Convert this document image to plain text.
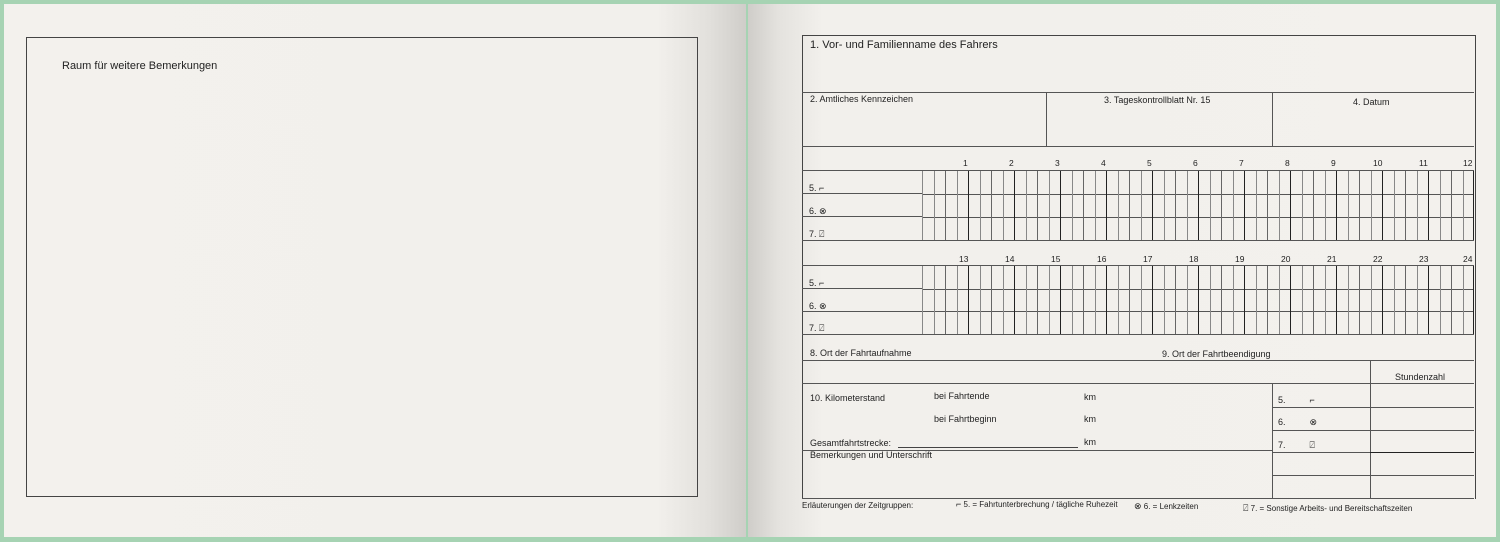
Raum für weitere Bemerkungen
1. Vor- und Familienname des Fahrers
2. Amtliches Kennzeichen	3. Tageskontrollblatt Nr. 15	4. Datum
1	2	3	4	5	6	7	8	9	10	11	12
5. ⌐
6. ⊗
7. ⍁
13	14	15	16	17	18	19	20	21	22	23	24
5. ⌐
6. ⊗
7. ⍁
8. Ort der Fahrtaufnahme	9. Ort der Fahrtbeendigung
Stundenzahl
10. Kilometerstand	bei Fahrtende	km
bei Fahrtbeginn	km
Gesamtfahrtstrecke:	km
5.	⌐
6.	⊗
7.	⍁
Bemerkungen und Unterschrift
Erläuterungen der Zeitgruppen:	⌐ 5. = Fahrtunterbrechung / tägliche Ruhezeit ⊗ 6. = Lenkzeiten	⍁ 7. = Sonstige Arbeits- und Bereitschaftszeiten
